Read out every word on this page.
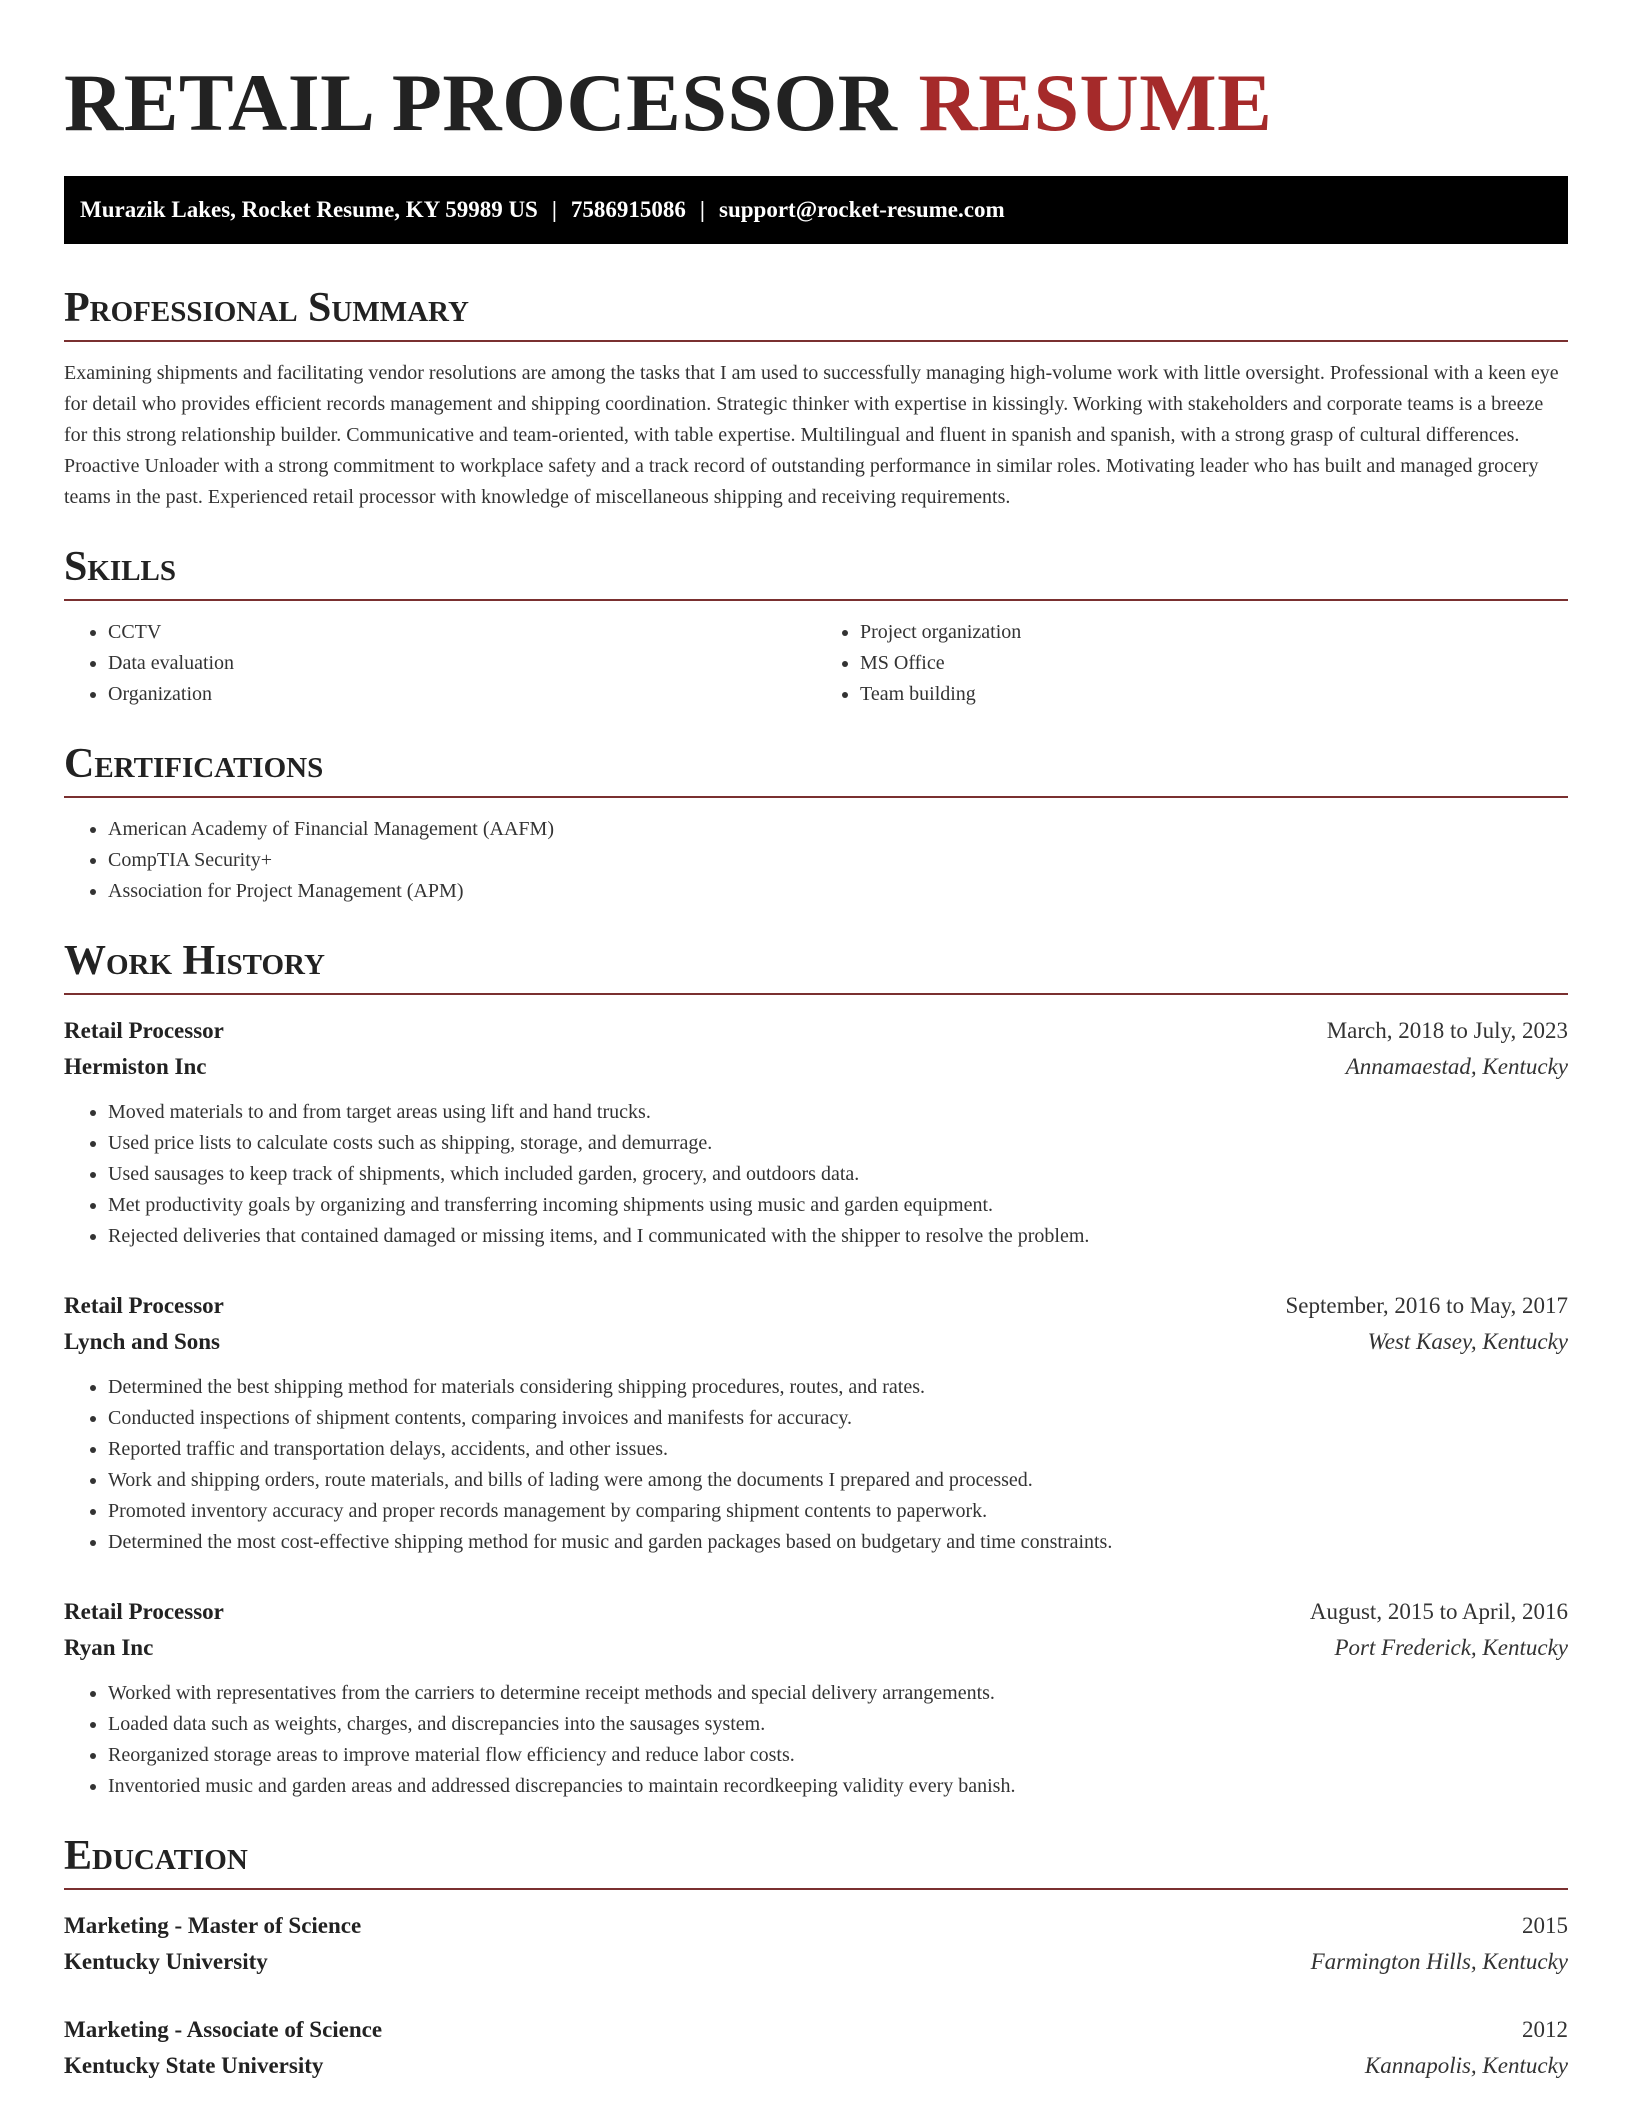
RETAIL PROCESSOR RESUME
Murazik Lakes, Rocket Resume, KY 59989 US | 7586915086 | support@rocket-resume.com
Professional Summary

Examining shipments and facilitating vendor resolutions are among the tasks that I am used to successfully managing high-volume work with little oversight. Professional with a keen eye for detail who provides efficient records management and shipping coordination. Strategic thinker with expertise in kissingly. Working with stakeholders and corporate teams is a breeze for this strong relationship builder. Communicative and team-oriented, with table expertise. Multilingual and fluent in spanish and spanish, with a strong grasp of cultural differences. Proactive Unloader with a strong commitment to workplace safety and a track record of outstanding performance in similar roles. Motivating leader who has built and managed grocery teams in the past. Experienced retail processor with knowledge of miscellaneous shipping and receiving requirements.

Skills
• CCTV
• Data evaluation
• Organization
• Project organization
• MS Office
• Team building
Certifications
• American Academy of Financial Management (AAFM)
• CompTIA Security+
• Association for Project Management (APM)
Work History
Retail Processor	March, 2018 to July, 2023
Hermiston Inc	Annamaestad, Kentucky
• Moved materials to and from target areas using lift and hand trucks.
• Used price lists to calculate costs such as shipping, storage, and demurrage.
• Used sausages to keep track of shipments, which included garden, grocery, and outdoors data.
• Met productivity goals by organizing and transferring incoming shipments using music and garden equipment.
• Rejected deliveries that contained damaged or missing items, and I communicated with the shipper to resolve the problem.
Retail Processor	September, 2016 to May, 2017
Lynch and Sons	West Kasey, Kentucky
• Determined the best shipping method for materials considering shipping procedures, routes, and rates.
• Conducted inspections of shipment contents, comparing invoices and manifests for accuracy.
• Reported traffic and transportation delays, accidents, and other issues.
• Work and shipping orders, route materials, and bills of lading were among the documents I prepared and processed.
• Promoted inventory accuracy and proper records management by comparing shipment contents to paperwork.
• Determined the most cost-effective shipping method for music and garden packages based on budgetary and time constraints.
Retail Processor	August, 2015 to April, 2016
Ryan Inc	Port Frederick, Kentucky
• Worked with representatives from the carriers to determine receipt methods and special delivery arrangements.
• Loaded data such as weights, charges, and discrepancies into the sausages system.
• Reorganized storage areas to improve material flow efficiency and reduce labor costs.
• Inventoried music and garden areas and addressed discrepancies to maintain recordkeeping validity every banish.
Education
Marketing - Master of Science	2015
Kentucky University	Farmington Hills, Kentucky
Marketing - Associate of Science	2012
Kentucky State University	Kannapolis, Kentucky
